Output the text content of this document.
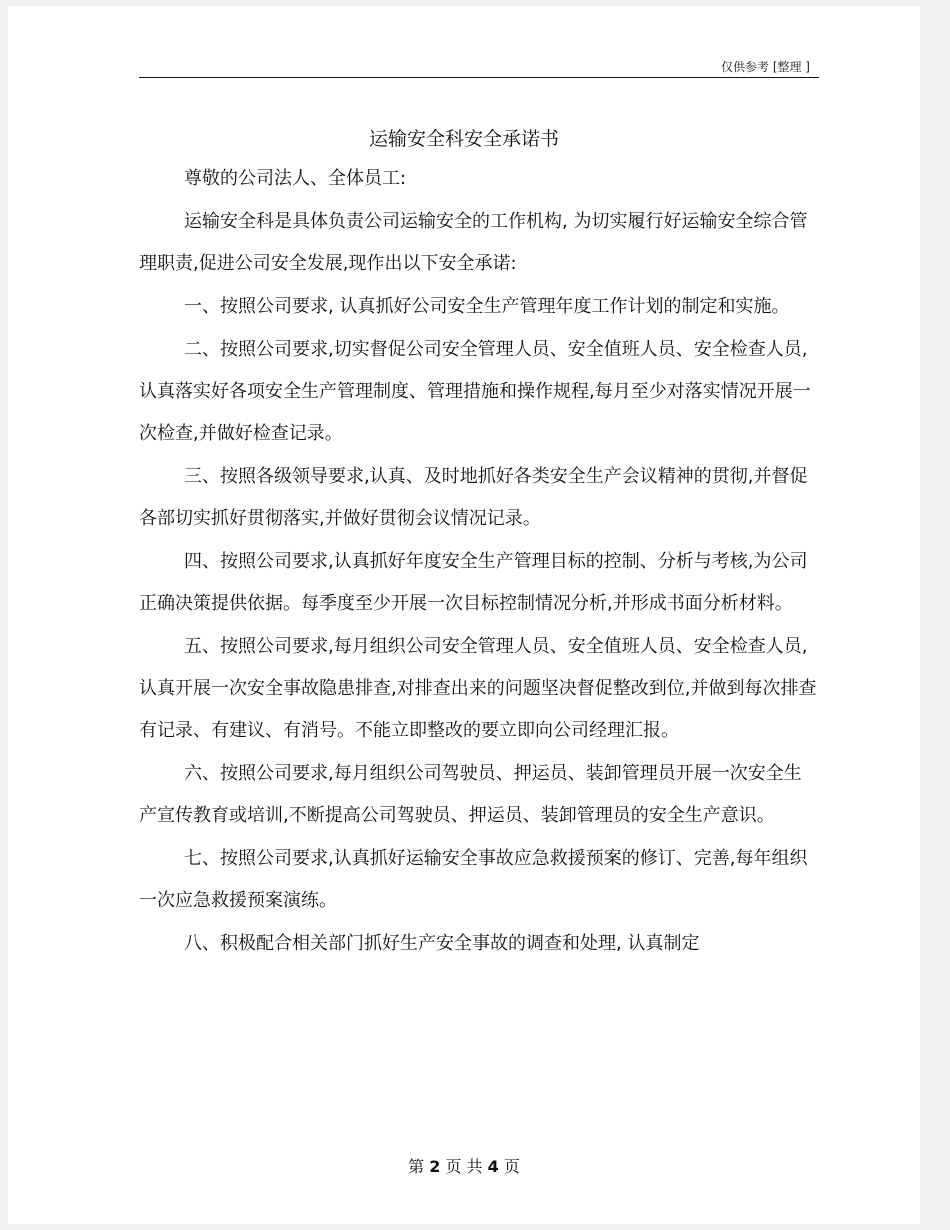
仅供参考 [整理 ]
运输安全科安全承诺书

尊敬的公司法人、全体员工:

运输安全科是具体负责公司运输安全的工作机构, 为切实履行好运输安全综合管理职责,促进公司安全发展,现作出以下安全承诺:

一、按照公司要求, 认真抓好公司安全生产管理年度工作计划的制定和实施。

二、按照公司要求,切实督促公司安全管理人员、安全值班人员、安全检查人员,认真落实好各项安全生产管理制度、管理措施和操作规程,每月至少对落实情况开展一次检查,并做好检查记录。

三、按照各级领导要求,认真、及时地抓好各类安全生产会议精神的贯彻,并督促各部切实抓好贯彻落实,并做好贯彻会议情况记录。

四、按照公司要求,认真抓好年度安全生产管理目标的控制、分析与考核,为公司正确决策提供依据。每季度至少开展一次目标控制情况分析,并形成书面分析材料。

五、按照公司要求,每月组织公司安全管理人员、安全值班人员、安全检查人员,认真开展一次安全事故隐患排查,对排查出来的问题坚决督促整改到位,并做到每次排查有记录、有建议、有消号。不能立即整改的要立即向公司经理汇报。

六、按照公司要求,每月组织公司驾驶员、押运员、装卸管理员开展一次安全生产宣传教育或培训,不断提高公司驾驶员、押运员、装卸管理员的安全生产意识。

七、按照公司要求,认真抓好运输安全事故应急救援预案的修订、完善,每年组织一次应急救援预案演练。

八、积极配合相关部门抓好生产安全事故的调查和处理, 认真制定

第 2 页 共 4 页
